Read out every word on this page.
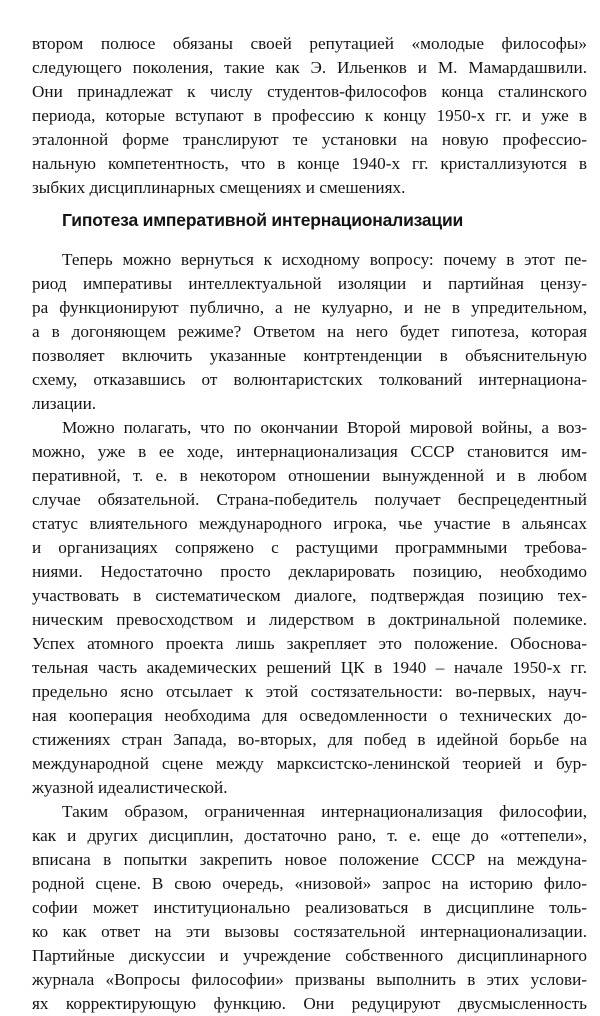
втором полюсе обязаны своей репутацией «молодые философы»
следующего поколения, такие как Э. Ильенков и М. Мамардашвили.
Они принадлежат к числу студентов-философов конца сталинского
периода, которые вступают в профессию к концу 1950-х гг. и уже в
эталонной форме транслируют те установки на новую профессио-
нальную компетентность, что в конце 1940-х гг. кристаллизуются в
зыбких дисциплинарных смещениях и смешениях.
Гипотеза императивной интернационализации
Теперь можно вернуться к исходному вопросу: почему в этот пе-
риод императивы интеллектуальной изоляции и партийная цензу-
ра функционируют публично, а не кулуарно, и не в упредительном,
а в догоняющем режиме? Ответом на него будет гипотеза, которая
позволяет включить указанные контртенденции в объяснительную
схему, отказавшись от волюнтаристских толкований интернациона-
лизации.
Можно полагать, что по окончании Второй мировой войны, а воз-
можно, уже в ее ходе, интернационализация СССР становится им-
перативной, т. е. в некотором отношении вынужденной и в любом
случае обязательной. Страна-победитель получает беспрецедентный
статус влиятельного международного игрока, чье участие в альянсах
и организациях сопряжено с растущими программными требова-
ниями. Недостаточно просто декларировать позицию, необходимо
участвовать в систематическом диалоге, подтверждая позицию тех-
ническим превосходством и лидерством в доктринальной полемике.
Успех атомного проекта лишь закрепляет это положение. Обоснова-
тельная часть академических решений ЦК в 1940 – начале 1950-х гг.
предельно ясно отсылает к этой состязательности: во-первых, науч-
ная кооперация необходима для осведомленности о технических до-
стижениях стран Запада, во-вторых, для побед в идейной борьбе на
международной сцене между марксистско-ленинской теорией и бур-
жуазной идеалистической.
Таким образом, ограниченная интернационализация философии,
как и других дисциплин, достаточно рано, т. е. еще до «оттепели»,
вписана в попытки закрепить новое положение СССР на междуна-
родной сцене. В свою очередь, «низовой» запрос на историю фило-
софии может институционально реализоваться в дисциплине толь-
ко как ответ на эти вызовы состязательной интернационализации.
Партийные дискуссии и учреждение собственного дисциплинарного
журнала «Вопросы философии» призваны выполнить в этих услови-
ях корректирующую функцию. Они редуцируют двусмысленность
